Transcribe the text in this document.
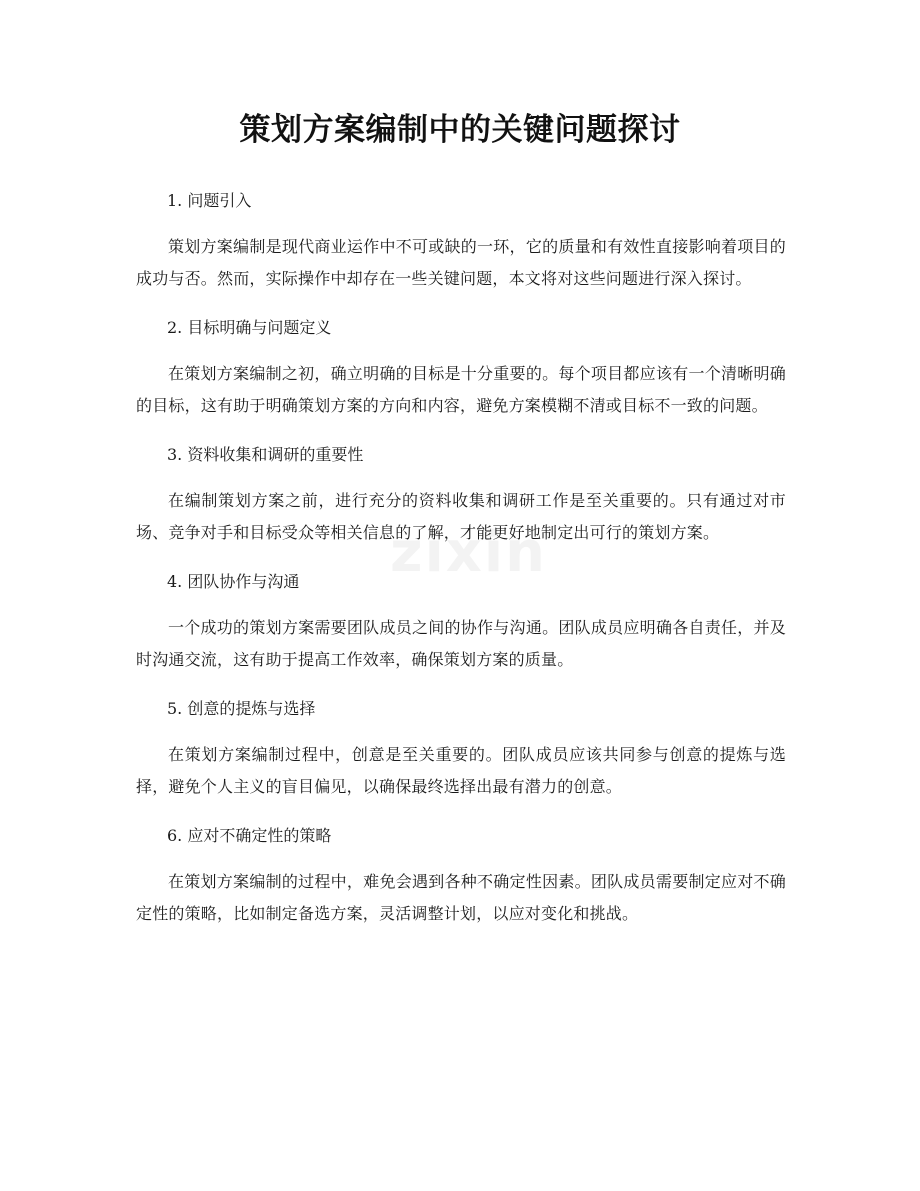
策划方案编制中的关键问题探讨
zixin

1. 问题引入

策划方案编制是现代商业运作中不可或缺的一环，它的质量和有效性直接影响着项目的成功与否。然而，实际操作中却存在一些关键问题，本文将对这些问题进行深入探讨。

2. 目标明确与问题定义

在策划方案编制之初，确立明确的目标是十分重要的。每个项目都应该有一个清晰明确的目标，这有助于明确策划方案的方向和内容，避免方案模糊不清或目标不一致的问题。

3. 资料收集和调研的重要性

在编制策划方案之前，进行充分的资料收集和调研工作是至关重要的。只有通过对市场、竞争对手和目标受众等相关信息的了解，才能更好地制定出可行的策划方案。

4. 团队协作与沟通

一个成功的策划方案需要团队成员之间的协作与沟通。团队成员应明确各自责任，并及时沟通交流，这有助于提高工作效率，确保策划方案的质量。

5. 创意的提炼与选择

在策划方案编制过程中，创意是至关重要的。团队成员应该共同参与创意的提炼与选择，避免个人主义的盲目偏见，以确保最终选择出最有潜力的创意。

6. 应对不确定性的策略

在策划方案编制的过程中，难免会遇到各种不确定性因素。团队成员需要制定应对不确定性的策略，比如制定备选方案，灵活调整计划，以应对变化和挑战。
